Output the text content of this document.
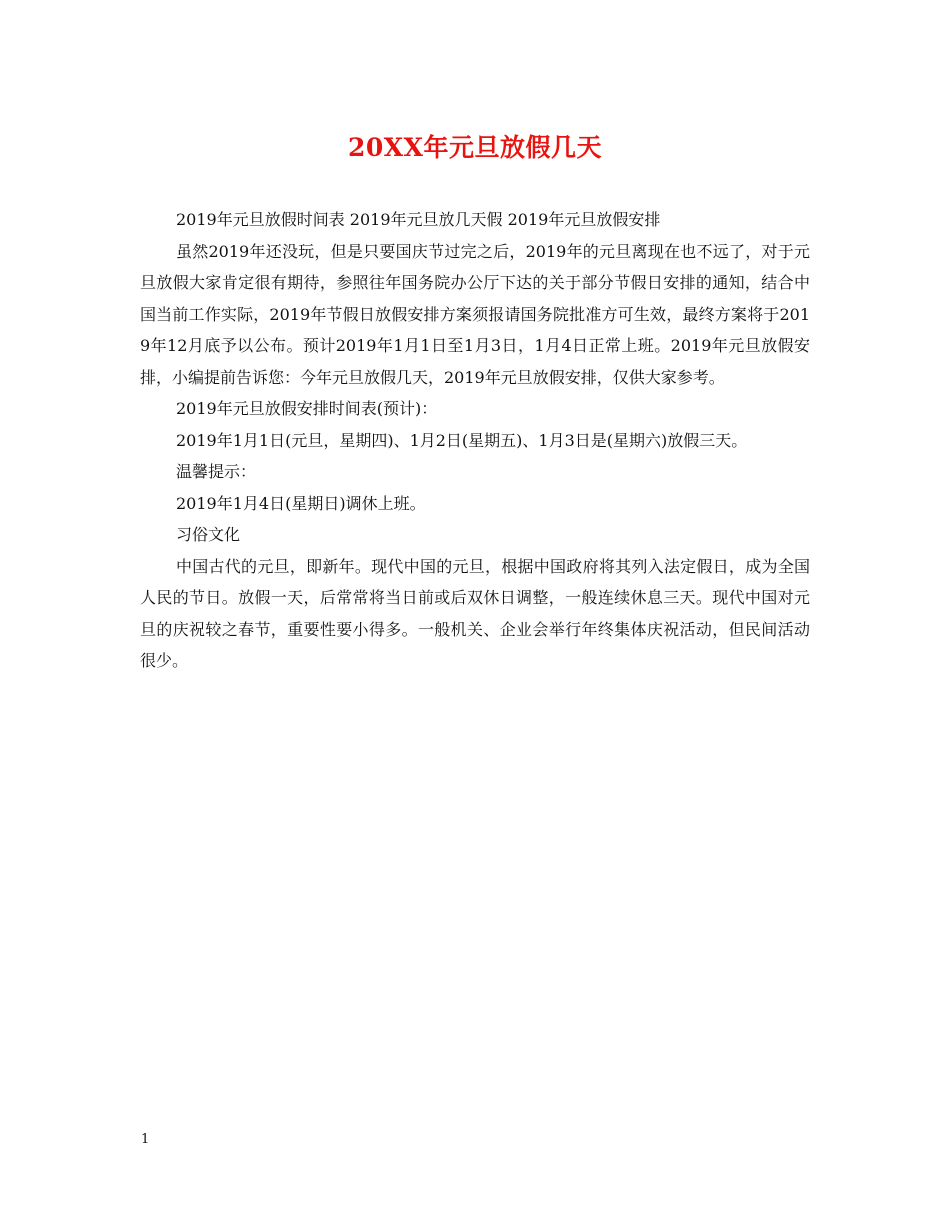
20XX年元旦放假几天

2019年元旦放假时间表 2019年元旦放几天假 2019年元旦放假安排

虽然2019年还没玩，但是只要国庆节过完之后，2019年的元旦离现在也不远了，对于元旦放假大家肯定很有期待，参照往年国务院办公厅下达的关于部分节假日安排的通知，结合中国当前工作实际，2019年节假日放假安排方案须报请国务院批准方可生效，最终方案将于2019年12月底予以公布。预计2019年1月1日至1月3日，1月4日正常上班。2019年元旦放假安排，小编提前告诉您：今年元旦放假几天，2019年元旦放假安排，仅供大家参考。

2019年元旦放假安排时间表(预计)：

2019年1月1日(元旦，星期四)、1月2日(星期五)、1月3日是(星期六)放假三天。

温馨提示：

2019年1月4日(星期日)调休上班。

习俗文化

中国古代的元旦，即新年。现代中国的元旦，根据中国政府将其列入法定假日，成为全国人民的节日。放假一天，后常常将当日前或后双休日调整，一般连续休息三天。现代中国对元旦的庆祝较之春节，重要性要小得多。一般机关、企业会举行年终集体庆祝活动，但民间活动很少。

1
